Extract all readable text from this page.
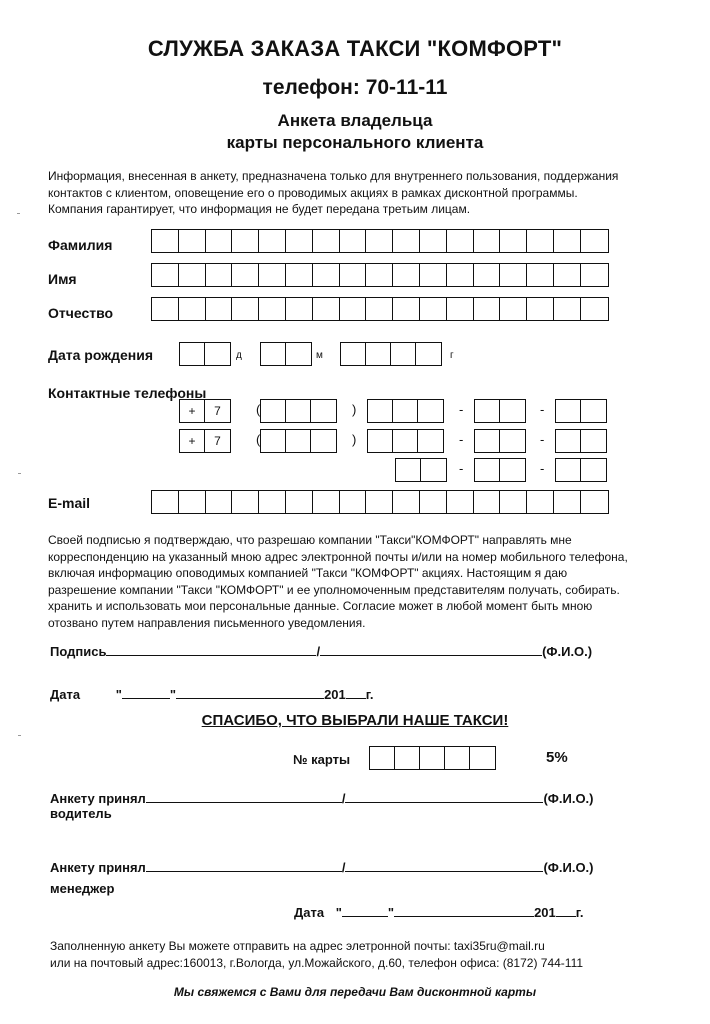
СЛУЖБА ЗАКАЗА ТАКСИ "КОМФОРТ"
телефон: 70-11-11
Анкета владельца
карты персонального клиента
Информация, внесенная в анкету, предназначена только для внутреннего пользования, поддержания
контактов с клиентом, оповещение его о проводимых акциях в рамках дисконтной программы.
Компания гарантирует, что информация не будет передана третьим лицам.
Фамилия
Имя
Отчество
Дата рождения	д	м	г
Контактные телефоны
+	7	(	)	-	-
+	7	(	)	-	-
-	-
E-mail
Своей подписью я подтверждаю, что разрешаю компании "Такси"КОМФОРТ" направлять мне
корреспонденцию на указанный мною адрес электронной почты и/или на номер мобильного телефона,
включая информацию оповодимых компанией "Такси "КОМФОРТ" акциях. Настоящим я даю
разрешение компании "Такси "КОМФОРТ" и ее уполномоченным представителям получать, собирать.
хранить и использовать мои персональные данные. Согласие может в любой момент быть мною
отозвано путем направления письменного уведомления.
Подпись	/	(Ф.И.О.)
Дата	"	"	201 г.
СПАСИБО, ЧТО ВЫБРАЛИ НАШЕ ТАКСИ!
№ карты	5%
Анкету принял	/	(Ф.И.О.)
водитель
Анкету принял	/	(Ф.И.О.)
менеджер
Дата "	"	201 г.
Заполненную анкету Вы можете отправить на адрес элетронной почты: taxi35ru@mail.ru
или на почтовый адрес:160013, г.Вологда, ул.Можайского, д.60, телефон офиса: (8172) 744-111
Мы свяжемся с Вами для передачи Вам дисконтной карты
